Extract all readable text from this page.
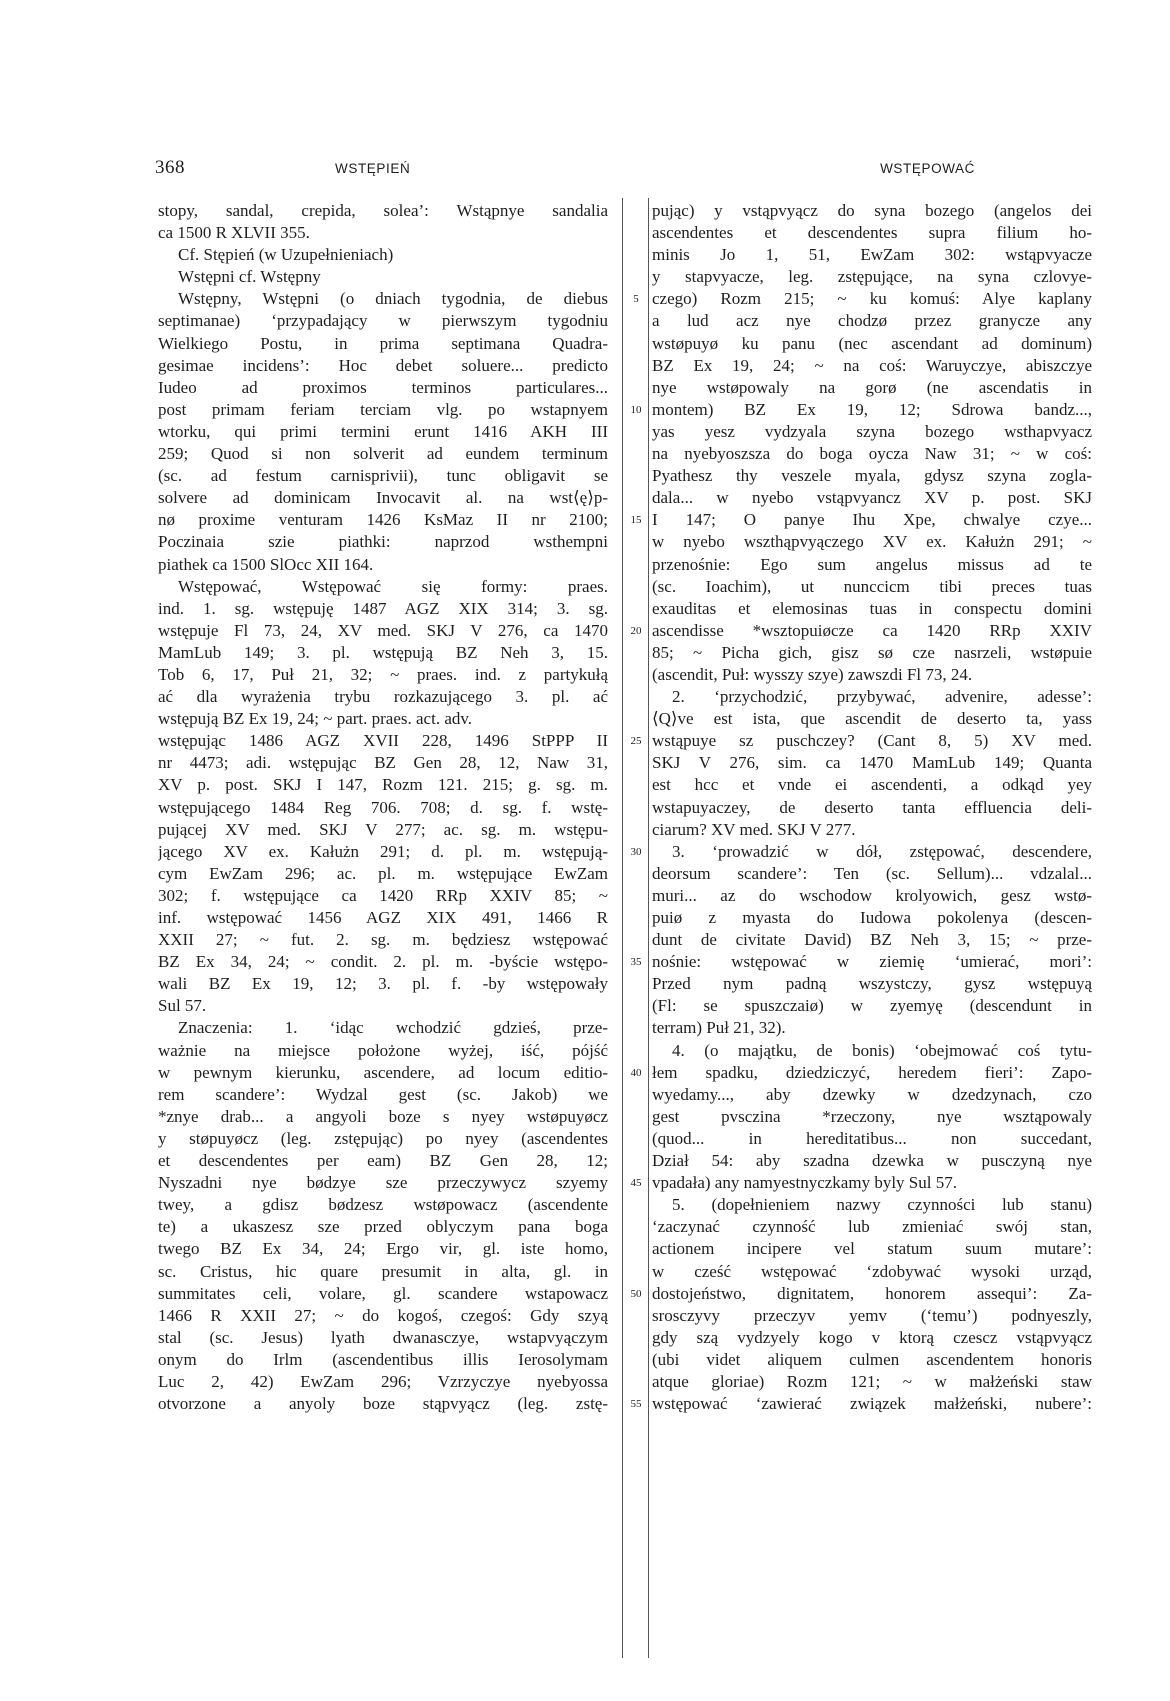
368	WSTĘPIEŃ	WSTĘPOWAĆ
stopy, sandal, crepida, solea’: Wstąpnye sandalia
ca 1500 R XLVII 355.
Cf. Stępień (w Uzupełnieniach)
Wstępni cf. Wstępny
Wstępny, Wstępni (o dniach tygodnia, de diebus
septimanae) ‘przypadający w pierwszym tygodniu
Wielkiego Postu, in prima septimana Quadra-
gesimae incidens’: Hoc debet soluere... predicto
Iudeo ad proximos terminos particulares...
post primam feriam terciam vlg. po wstapnyem
wtorku, qui primi termini erunt 1416 AKH III
259; Quod si non solverit ad eundem terminum
(sc. ad festum carnisprivii), tunc obligavit se
solvere ad dominicam Invocavit al. na wst⟨ę⟩p-
nø proxime venturam 1426 KsMaz II nr 2100;
Poczinaia szie piathki: naprzod wsthempni
piathek ca 1500 SlOcc XII 164.
Wstępować, Wstępować się formy: praes.
ind. 1. sg. wstępuję 1487 AGZ XIX 314; 3. sg.
wstępuje Fl 73, 24, XV med. SKJ V 276, ca 1470
MamLub 149; 3. pl. wstępują BZ Neh 3, 15.
Tob 6, 17, Puł 21, 32; ~ praes. ind. z partykułą
ać dla wyrażenia trybu rozkazującego 3. pl. ać
wstępują BZ Ex 19, 24; ~ part. praes. act. adv.
wstępując 1486 AGZ XVII 228, 1496 StPPP II
nr 4473; adi. wstępując BZ Gen 28, 12, Naw 31,
XV p. post. SKJ I 147, Rozm 121. 215; g. sg. m.
wstępującego 1484 Reg 706. 708; d. sg. f. wstę-
pującej XV med. SKJ V 277; ac. sg. m. wstępu-
jącego XV ex. Kałużn 291; d. pl. m. wstępują-
cym EwZam 296; ac. pl. m. wstępujące EwZam
302; f. wstępujące ca 1420 RRp XXIV 85; ~
inf. wstępować 1456 AGZ XIX 491, 1466 R
XXII 27; ~ fut. 2. sg. m. będziesz wstępować
BZ Ex 34, 24; ~ condit. 2. pl. m. -byście wstępo-
wali BZ Ex 19, 12; 3. pl. f. -by wstępowały
Sul 57.
Znaczenia: 1. ‘idąc wchodzić gdzieś, prze-
ważnie na miejsce położone wyżej, iść, pójść
w pewnym kierunku, ascendere, ad locum editio-
rem scandere’: Wydzal gest (sc. Jakob) we
*znye drab... a angyoli boze s nyey wstøpuyøcz
y støpuyøcz (leg. zstępując) po nyey (ascendentes
et descendentes per eam) BZ Gen 28, 12;
Nyszadni nye bødzye sze przeczywycz szyemy
twey, a gdisz bødzesz wstøpowacz (ascendente
te) a ukaszesz sze przed oblyczym pana boga
twego BZ Ex 34, 24; Ergo vir, gl. iste homo,
sc. Cristus, hic quare presumit in alta, gl. in
summitates celi, volare, gl. scandere wstapowacz
1466 R XXII 27; ~ do kogoś, czegoś: Gdy szyą
stal (sc. Jesus) lyath dwanasczye, wstapvyączym
onym do Irlm (ascendentibus illis Ierosolymam
Luc 2, 42) EwZam 296; Vzrzyczye nyebyossa
otvorzone a anyoly boze stąpvyącz (leg. zstę-
5
10
15
20
25
30
35
40
45
50
55
pując) y vstąpvyącz do syna bozego (angelos dei
ascendentes et descendentes supra filium ho-
minis Jo 1, 51, EwZam 302: wstąpvyacze
y stapvyacze, leg. zstępujące, na syna czlovye-
czego) Rozm 215; ~ ku komuś: Alye kaplany
a lud acz nye chodzø przez granycze any
wstøpuyø ku panu (nec ascendant ad dominum)
BZ Ex 19, 24; ~ na coś: Waruyczye, abiszczye
nye wstøpowaly na gorø (ne ascendatis in
montem) BZ Ex 19, 12; Sdrowa bandz...,
yas yesz vydzyala szyna bozego wsthapvyacz
na nyebyoszsza do boga oycza Naw 31; ~ w coś:
Pyathesz thy veszele myala, gdysz szyna zogla-
dala... w nyebo vstąpvyancz XV p. post. SKJ
I 147; O panye Ihu Xpe, chwalye czye...
w nyebo wszthąpvyączego XV ex. Kałużn 291; ~
przenośnie: Ego sum angelus missus ad te
(sc. Ioachim), ut nunccicm tibi preces tuas
exauditas et elemosinas tuas in conspectu domini
ascendisse *wsztopuiøcze ca 1420 RRp XXIV
85; ~ Picha gich, gisz sø cze nasrzeli, wstøpuie
(ascendit, Puł: wysszy szye) zawszdi Fl 73, 24.
2. ‘przychodzić, przybywać, advenire, adesse’:
⟨Q⟩ve est ista, que ascendit de deserto ta, yass
wstąpuye sz puschczey? (Cant 8, 5) XV med.
SKJ V 276, sim. ca 1470 MamLub 149; Quanta
est hcc et vnde ei ascendenti, a odkąd yey
wstapuyaczey, de deserto tanta effluencia deli-
ciarum? XV med. SKJ V 277.
3. ‘prowadzić w dół, zstępować, descendere,
deorsum scandere’: Ten (sc. Sellum)... vdzalal...
muri... az do wschodow krolyowich, gesz wstø-
puiø z myasta do Iudowa pokolenya (descen-
dunt de civitate David) BZ Neh 3, 15; ~ prze-
nośnie: wstępować w ziemię ‘umierać, mori’:
Przed nym padną wszystczy, gysz wstępuyą
(Fl: se spuszczaiø) w zyemyę (descendunt in
terram) Puł 21, 32).
4. (o majątku, de bonis) ‘obejmować coś tytu-
łem spadku, dziedziczyć, heredem fieri’: Zapo-
wyedamy..., aby dzewky w dzedzynach, czo
gest pvsczina *rzeczony, nye wsztąpowaly
(quod... in hereditatibus... non succedant,
Dział 54: aby szadna dzewka w pusczyną nye
vpadała) any namyestnyczkamy byly Sul 57.
5. (dopełnieniem nazwy czynności lub stanu)
‘zaczynać czynność lub zmieniać swój stan,
actionem incipere vel statum suum mutare’:
w cześć wstępować ‘zdobywać wysoki urząd,
dostojeństwo, dignitatem, honorem assequi’: Za-
srosczyvy przeczyv yemv (‘temu’) podnyeszly,
gdy szą vydzyely kogo v ktorą czescz vstąpvyącz
(ubi videt aliquem culmen ascendentem honoris
atque gloriae) Rozm 121; ~ w małżeński staw
wstępować ‘zawierać związek małżeński, nubere’:
